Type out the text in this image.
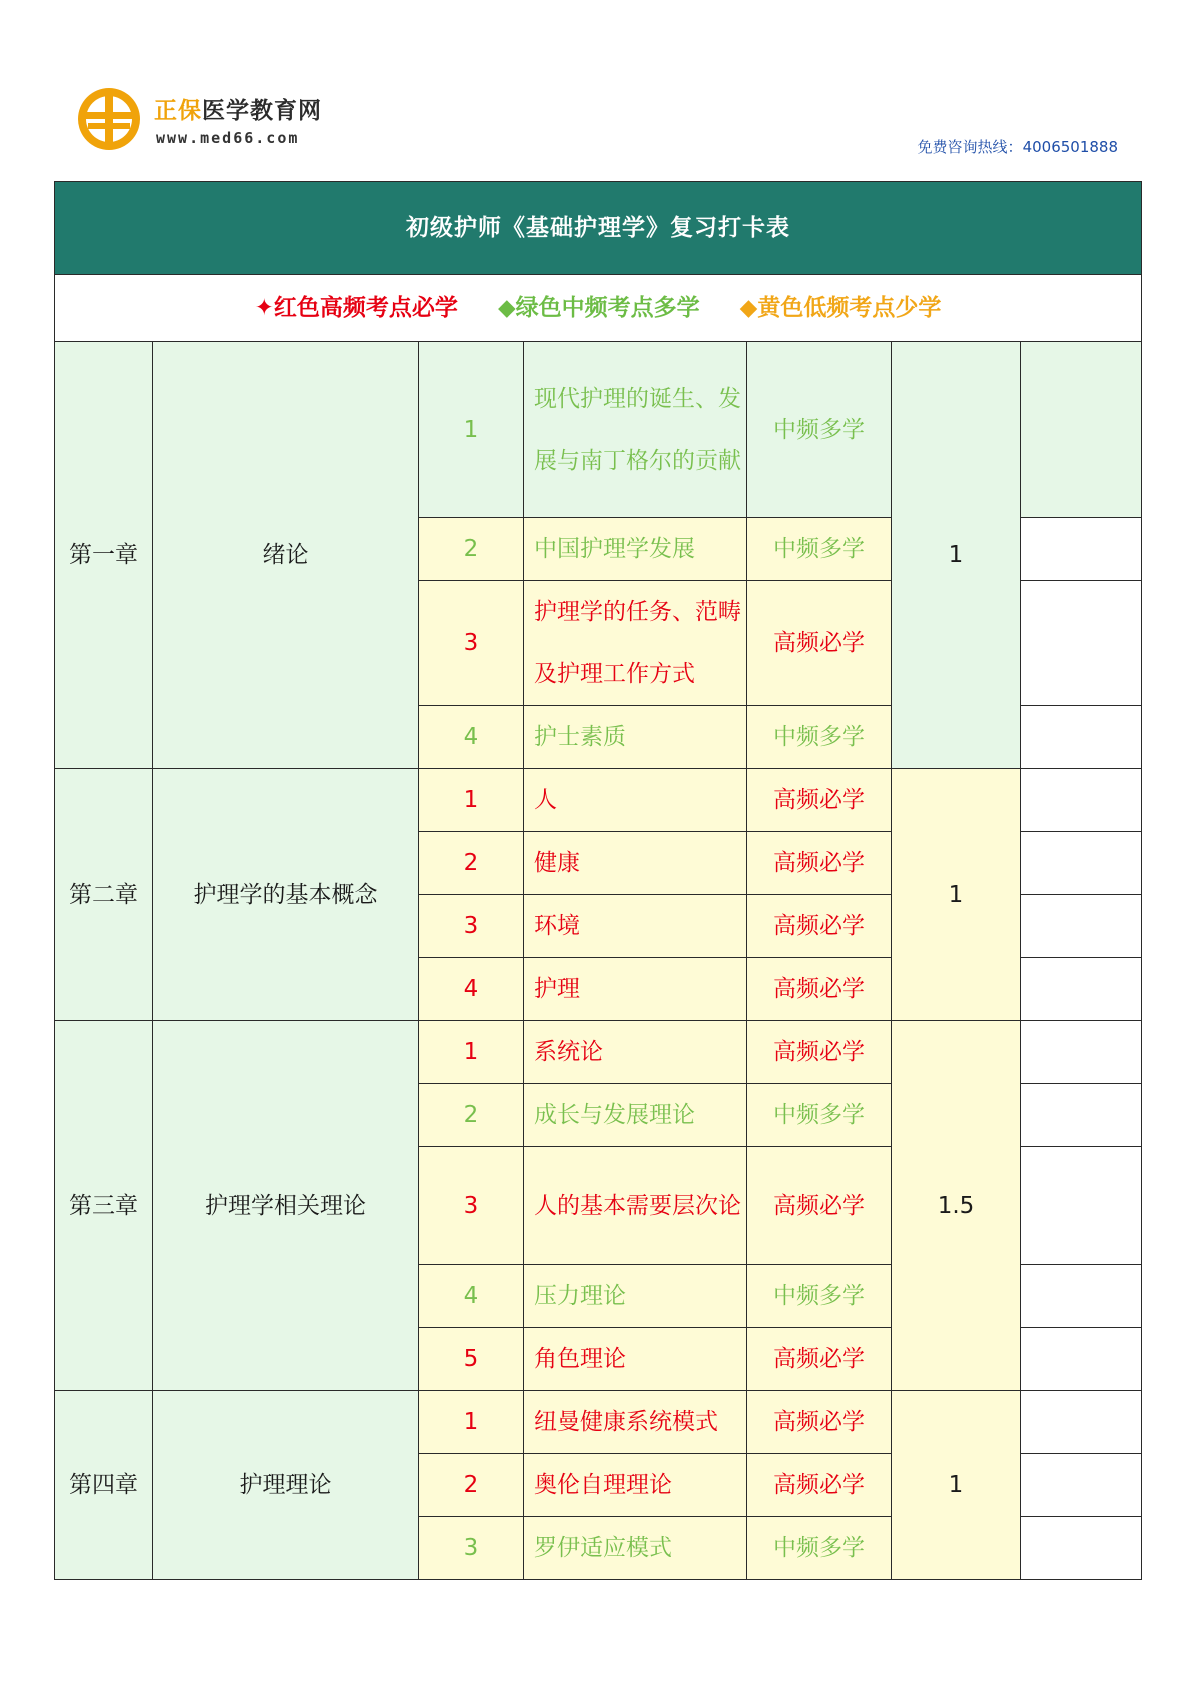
正保医学教育网
www.med66.com	免费咨询热线：4006501888
初级护师《基础护理学》复习打卡表						
✦红色高频考点必学 ◆绿色中频考点多学 ◆黄色低频考点少学						
第一章	绪论	1	现代护理的诞生、发展与南丁格尔的贡献	中频多学	1	
		2	中国护理学发展	中频多学		
		3	护理学的任务、范畴及护理工作方式	高频必学		
		4	护士素质	中频多学		
第二章	护理学的基本概念	1	人	高频必学	1	
		2	健康	高频必学		
		3	环境	高频必学		
		4	护理	高频必学		
第三章	护理学相关理论	1	系统论	高频必学	1.5	
		2	成长与发展理论	中频多学		
		3	人的基本需要层次论	高频必学		
		4	压力理论	中频多学		
		5	角色理论	高频必学		
第四章	护理理论	1	纽曼健康系统模式	高频必学	1	
		2	奥伦自理理论	高频必学		
		3	罗伊适应模式	中频多学		
